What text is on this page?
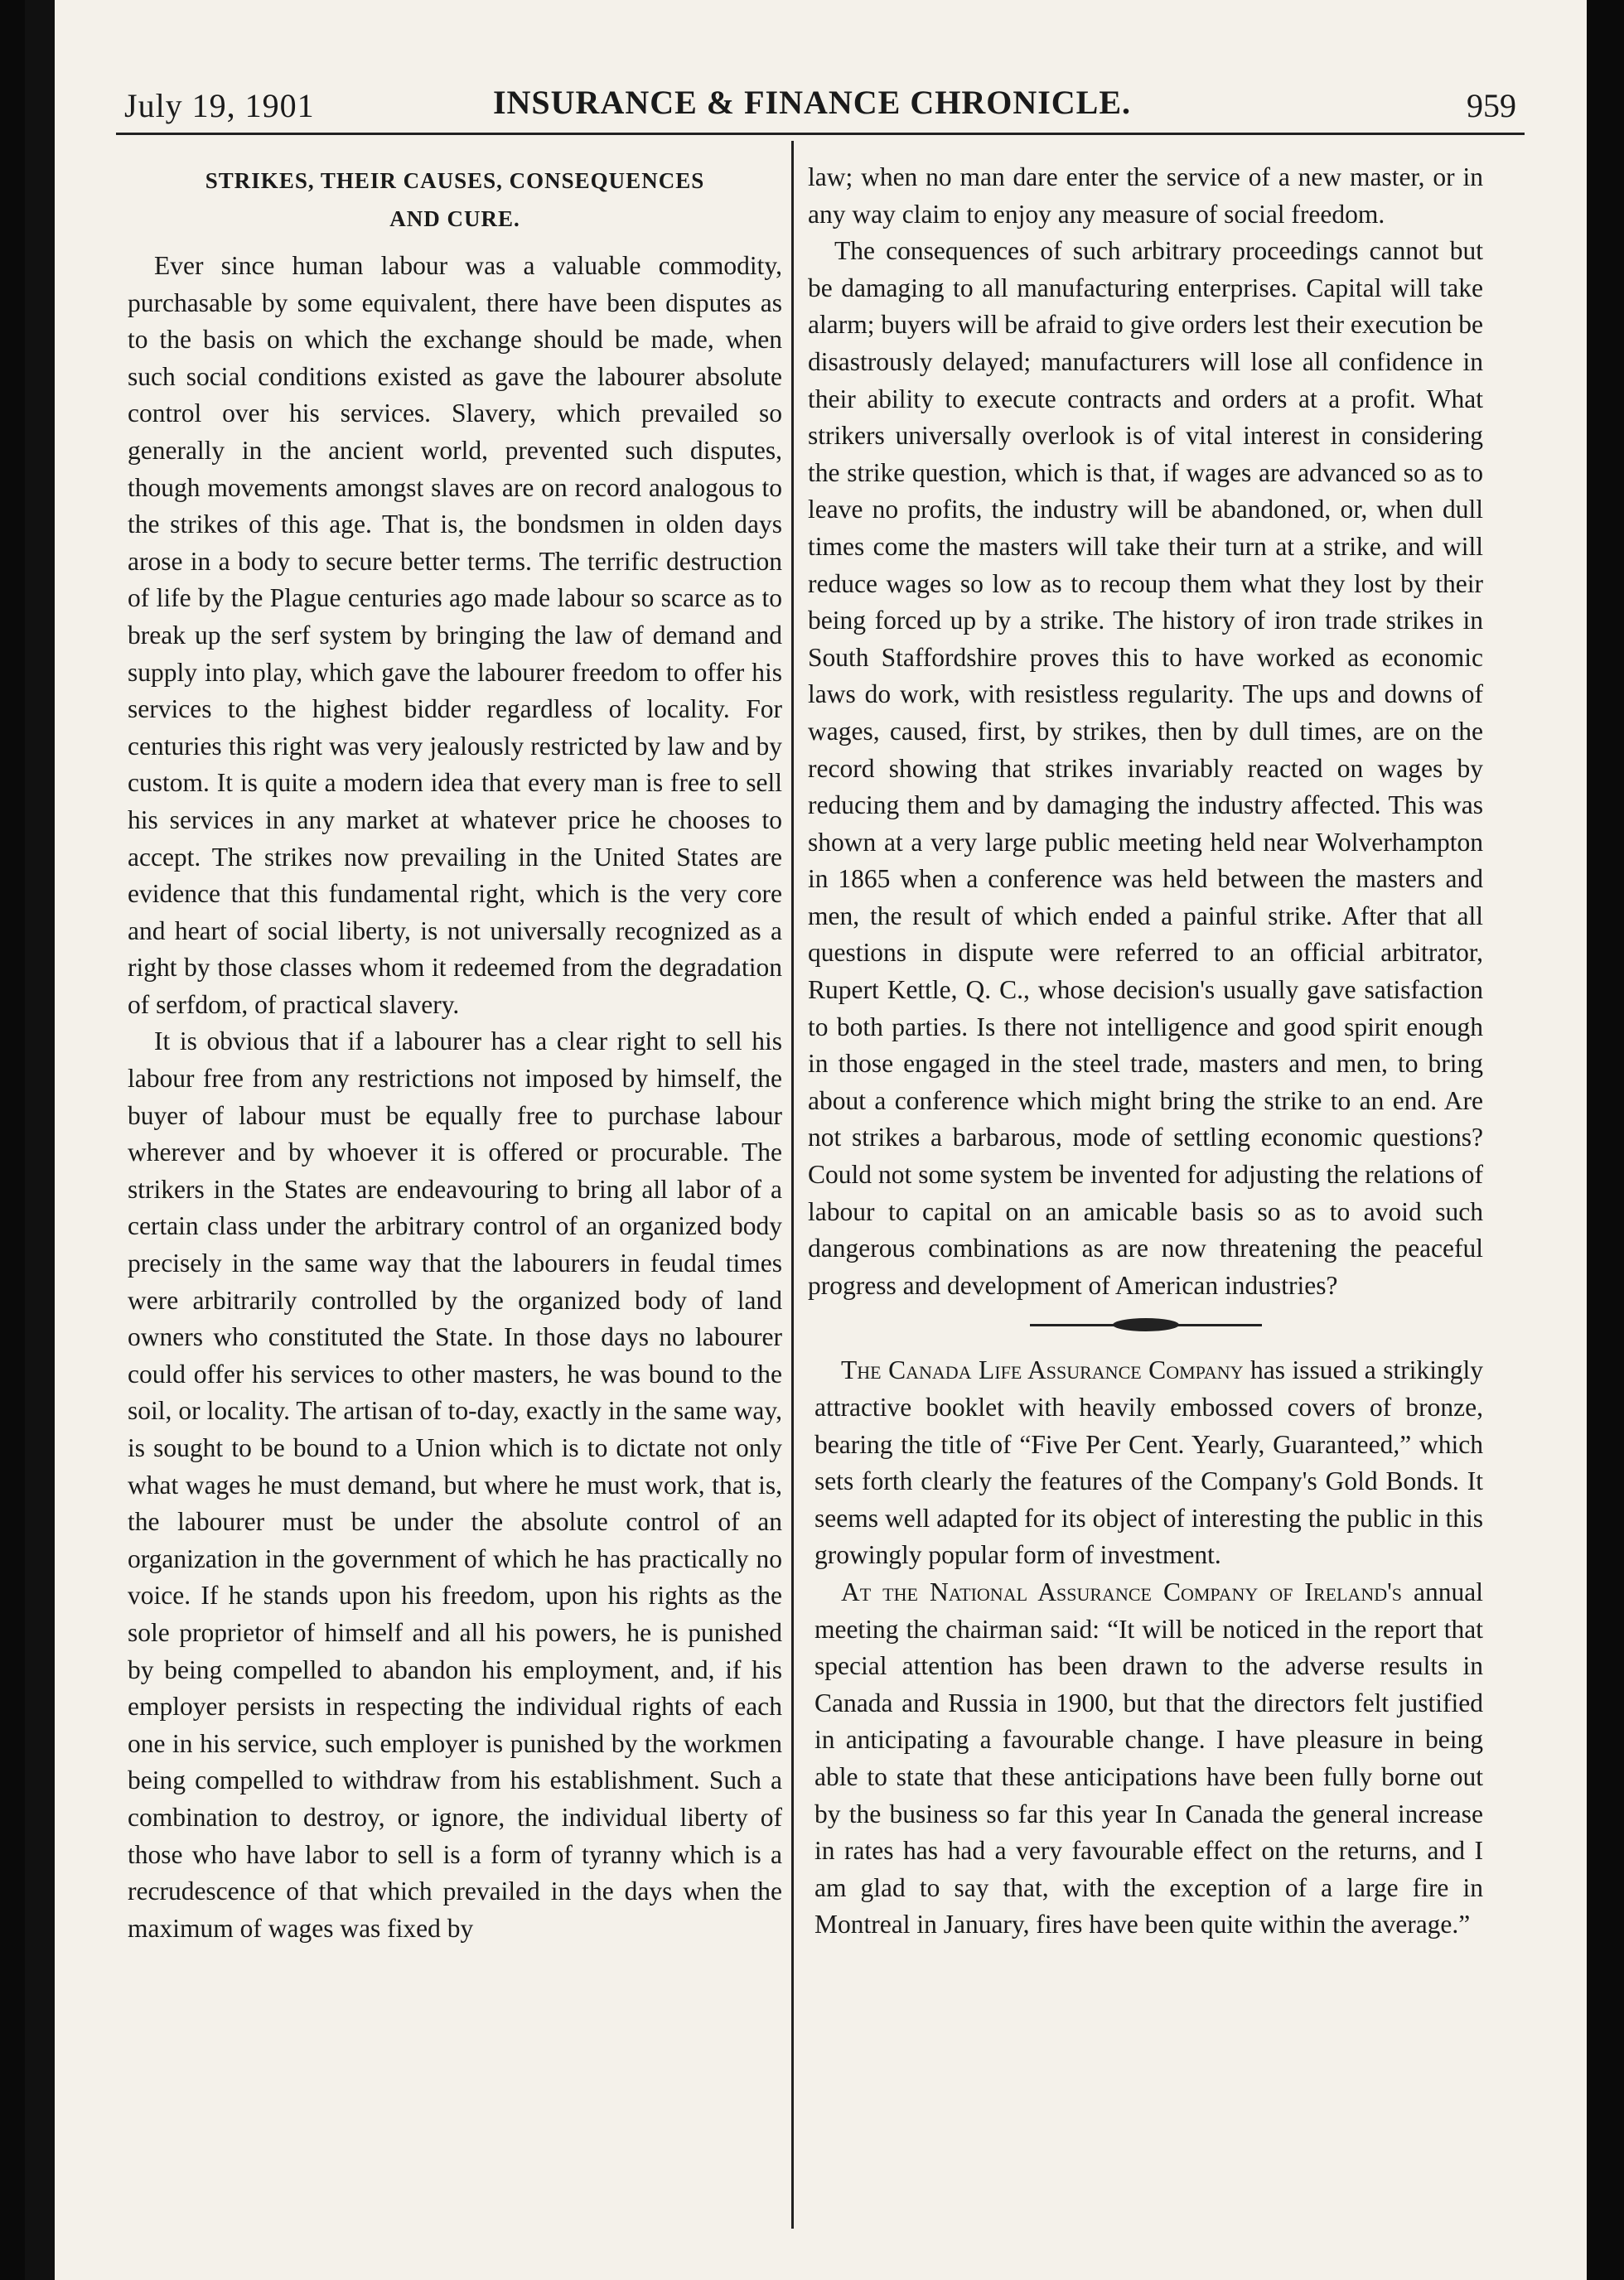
July 19, 1901	INSURANCE & FINANCE CHRONICLE.	959
STRIKES, THEIR CAUSES, CONSEQUENCES
AND CURE.

Ever since human labour was a valuable commodity, purchasable by some equivalent, there have been disputes as to the basis on which the exchange should be made, when such social conditions existed as gave the labourer absolute control over his services. Slavery, which prevailed so generally in the ancient world, prevented such disputes, though movements amongst slaves are on record analogous to the strikes of this age. That is, the bondsmen in olden days arose in a body to secure better terms. The terrific destruction of life by the Plague centuries ago made labour so scarce as to break up the serf system by bringing the law of demand and supply into play, which gave the labourer freedom to offer his services to the highest bidder regardless of locality. For centuries this right was very jealously restricted by law and by custom. It is quite a modern idea that every man is free to sell his services in any market at whatever price he chooses to accept. The strikes now prevailing in the United States are evidence that this fundamental right, which is the very core and heart of social liberty, is not universally recognized as a right by those classes whom it redeemed from the degradation of serfdom, of practical slavery.

It is obvious that if a labourer has a clear right to sell his labour free from any restrictions not imposed by himself, the buyer of labour must be equally free to purchase labour wherever and by whoever it is offered or procurable. The strikers in the States are endeavouring to bring all labor of a certain class under the arbitrary control of an organized body precisely in the same way that the labourers in feudal times were arbitrarily controlled by the organized body of land owners who constituted the State. In those days no labourer could offer his services to other masters, he was bound to the soil, or locality. The artisan of to-day, exactly in the same way, is sought to be bound to a Union which is to dictate not only what wages he must demand, but where he must work, that is, the labourer must be under the absolute control of an organization in the government of which he has practically no voice. If he stands upon his freedom, upon his rights as the sole proprietor of himself and all his powers, he is punished by being compelled to abandon his employment, and, if his employer persists in respecting the individual rights of each one in his service, such employer is punished by the workmen being compelled to withdraw from his establishment. Such a combination to destroy, or ignore, the individual liberty of those who have labor to sell is a form of tyranny which is a recrudescence of that which prevailed in the days when the maximum of wages was fixed by

law; when no man dare enter the service of a new master, or in any way claim to enjoy any measure of social freedom.

The consequences of such arbitrary proceedings cannot but be damaging to all manufacturing enterprises. Capital will take alarm; buyers will be afraid to give orders lest their execution be disastrously delayed; manufacturers will lose all confidence in their ability to execute contracts and orders at a profit. What strikers universally overlook is of vital interest in considering the strike question, which is that, if wages are advanced so as to leave no profits, the industry will be abandoned, or, when dull times come the masters will take their turn at a strike, and will reduce wages so low as to recoup them what they lost by their being forced up by a strike. The history of iron trade strikes in South Staffordshire proves this to have worked as economic laws do work, with resistless regularity. The ups and downs of wages, caused, first, by strikes, then by dull times, are on the record showing that strikes invariably reacted on wages by reducing them and by damaging the industry affected. This was shown at a very large public meeting held near Wolverhampton in 1865 when a conference was held between the masters and men, the result of which ended a painful strike. After that all questions in dispute were referred to an official arbitrator, Rupert Kettle, Q. C., whose decision's usually gave satisfaction to both parties. Is there not intelligence and good spirit enough in those engaged in the steel trade, masters and men, to bring about a conference which might bring the strike to an end. Are not strikes a barbarous, mode of settling economic questions? Could not some system be invented for adjusting the relations of labour to capital on an amicable basis so as to avoid such dangerous combinations as are now threatening the peaceful progress and development of American industries?

The Canada Life Assurance Company has issued a strikingly attractive booklet with heavily embossed covers of bronze, bearing the title of “Five Per Cent. Yearly, Guaranteed,” which sets forth clearly the features of the Company's Gold Bonds. It seems well adapted for its object of interesting the public in this growingly popular form of investment.

At the National Assurance Company of Ireland's annual meeting the chairman said: “It will be noticed in the report that special attention has been drawn to the adverse results in Canada and Russia in 1900, but that the directors felt justified in anticipating a favourable change. I have pleasure in being able to state that these anticipations have been fully borne out by the business so far this year In Canada the general increase in rates has had a very favourable effect on the returns, and I am glad to say that, with the exception of a large fire in Montreal in January, fires have been quite within the average.”
